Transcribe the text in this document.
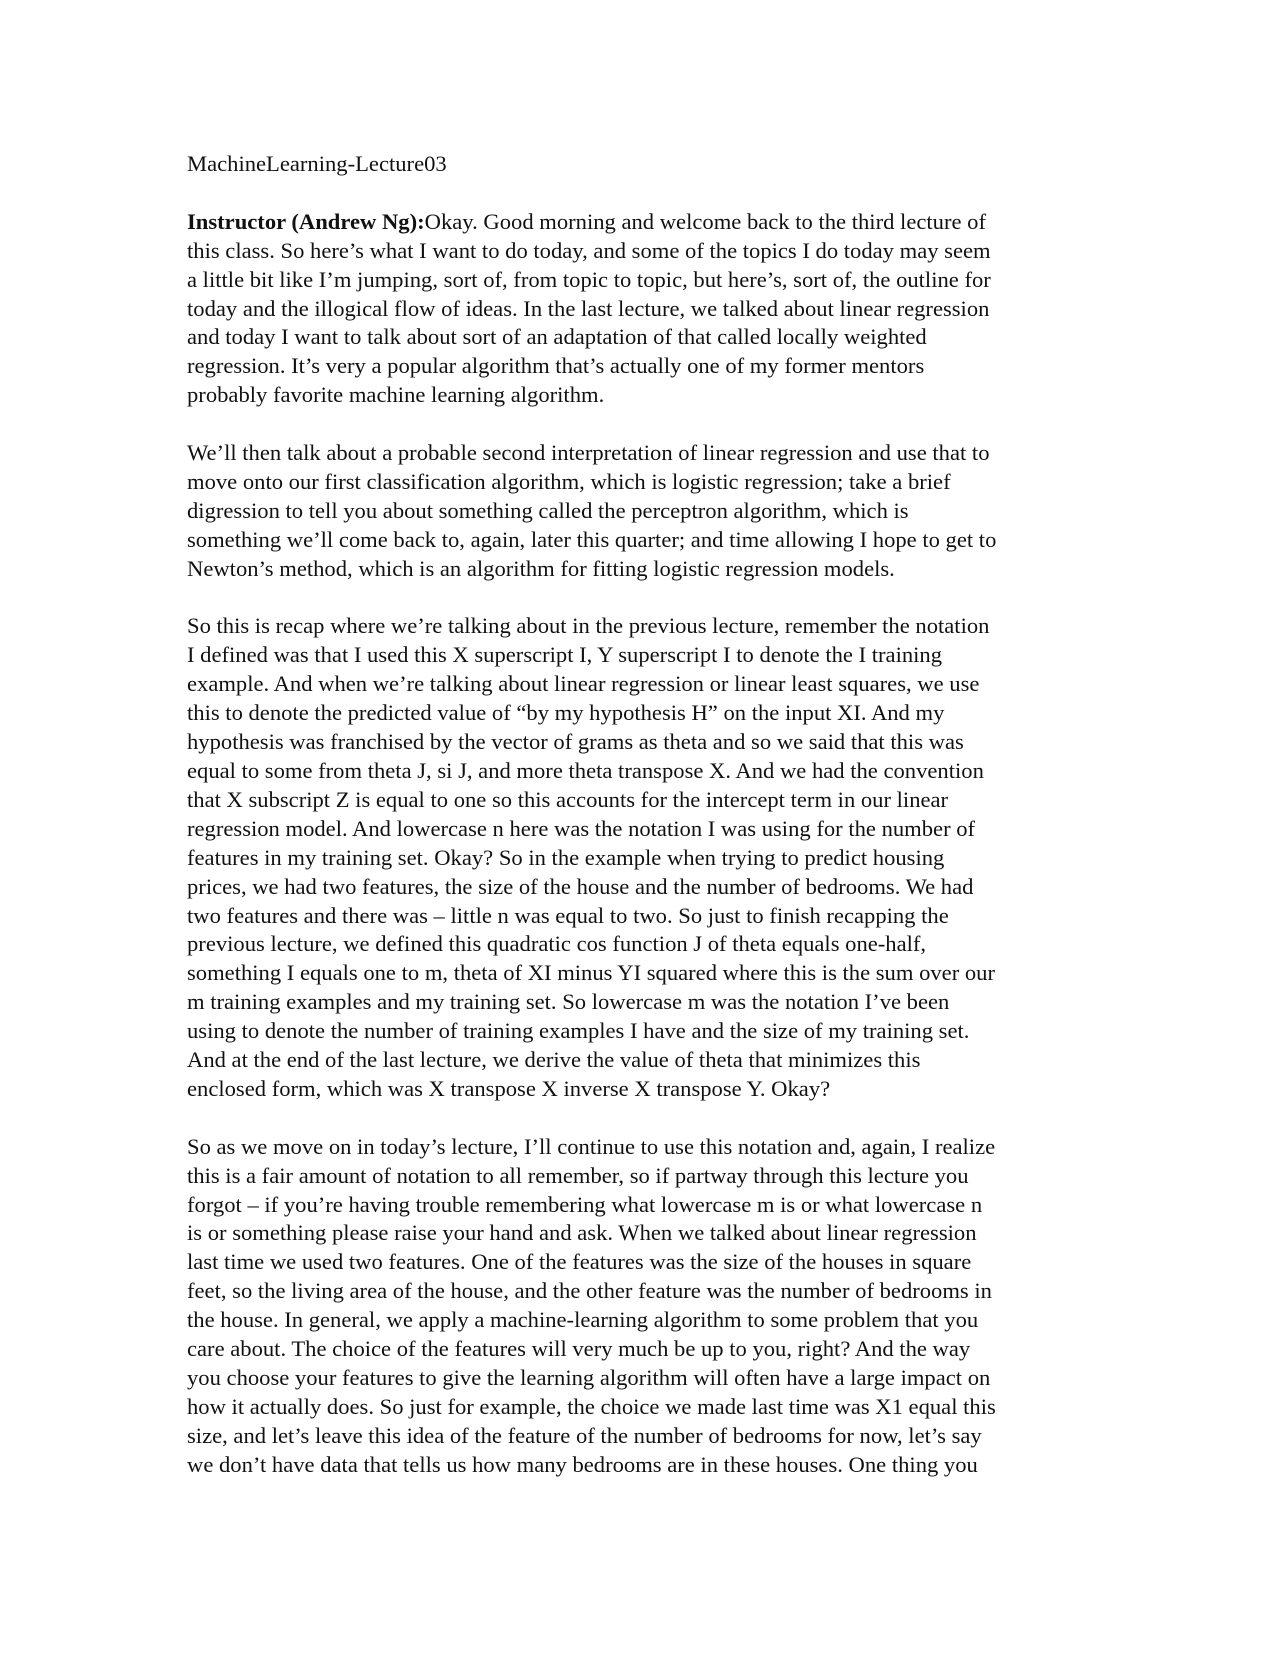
MachineLearning-Lecture03
Instructor (Andrew Ng):Okay. Good morning and welcome back to the third lecture of
this class. So here’s what I want to do today, and some of the topics I do today may seem
a little bit like I’m jumping, sort of, from topic to topic, but here’s, sort of, the outline for
today and the illogical flow of ideas. In the last lecture, we talked about linear regression
and today I want to talk about sort of an adaptation of that called locally weighted
regression. It’s very a popular algorithm that’s actually one of my former mentors
probably favorite machine learning algorithm.
We’ll then talk about a probable second interpretation of linear regression and use that to
move onto our first classification algorithm, which is logistic regression; take a brief
digression to tell you about something called the perceptron algorithm, which is
something we’ll come back to, again, later this quarter; and time allowing I hope to get to
Newton’s method, which is an algorithm for fitting logistic regression models.
So this is recap where we’re talking about in the previous lecture, remember the notation
I defined was that I used this X superscript I, Y superscript I to denote the I training
example. And when we’re talking about linear regression or linear least squares, we use
this to denote the predicted value of “by my hypothesis H” on the input XI. And my
hypothesis was franchised by the vector of grams as theta and so we said that this was
equal to some from theta J, si J, and more theta transpose X. And we had the convention
that X subscript Z is equal to one so this accounts for the intercept term in our linear
regression model. And lowercase n here was the notation I was using for the number of
features in my training set. Okay? So in the example when trying to predict housing
prices, we had two features, the size of the house and the number of bedrooms. We had
two features and there was – little n was equal to two. So just to finish recapping the
previous lecture, we defined this quadratic cos function J of theta equals one-half,
something I equals one to m, theta of XI minus YI squared where this is the sum over our
m training examples and my training set. So lowercase m was the notation I’ve been
using to denote the number of training examples I have and the size of my training set.
And at the end of the last lecture, we derive the value of theta that minimizes this
enclosed form, which was X transpose X inverse X transpose Y. Okay?
So as we move on in today’s lecture, I’ll continue to use this notation and, again, I realize
this is a fair amount of notation to all remember, so if partway through this lecture you
forgot – if you’re having trouble remembering what lowercase m is or what lowercase n
is or something please raise your hand and ask. When we talked about linear regression
last time we used two features. One of the features was the size of the houses in square
feet, so the living area of the house, and the other feature was the number of bedrooms in
the house. In general, we apply a machine-learning algorithm to some problem that you
care about. The choice of the features will very much be up to you, right? And the way
you choose your features to give the learning algorithm will often have a large impact on
how it actually does. So just for example, the choice we made last time was X1 equal this
size, and let’s leave this idea of the feature of the number of bedrooms for now, let’s say
we don’t have data that tells us how many bedrooms are in these houses. One thing you
